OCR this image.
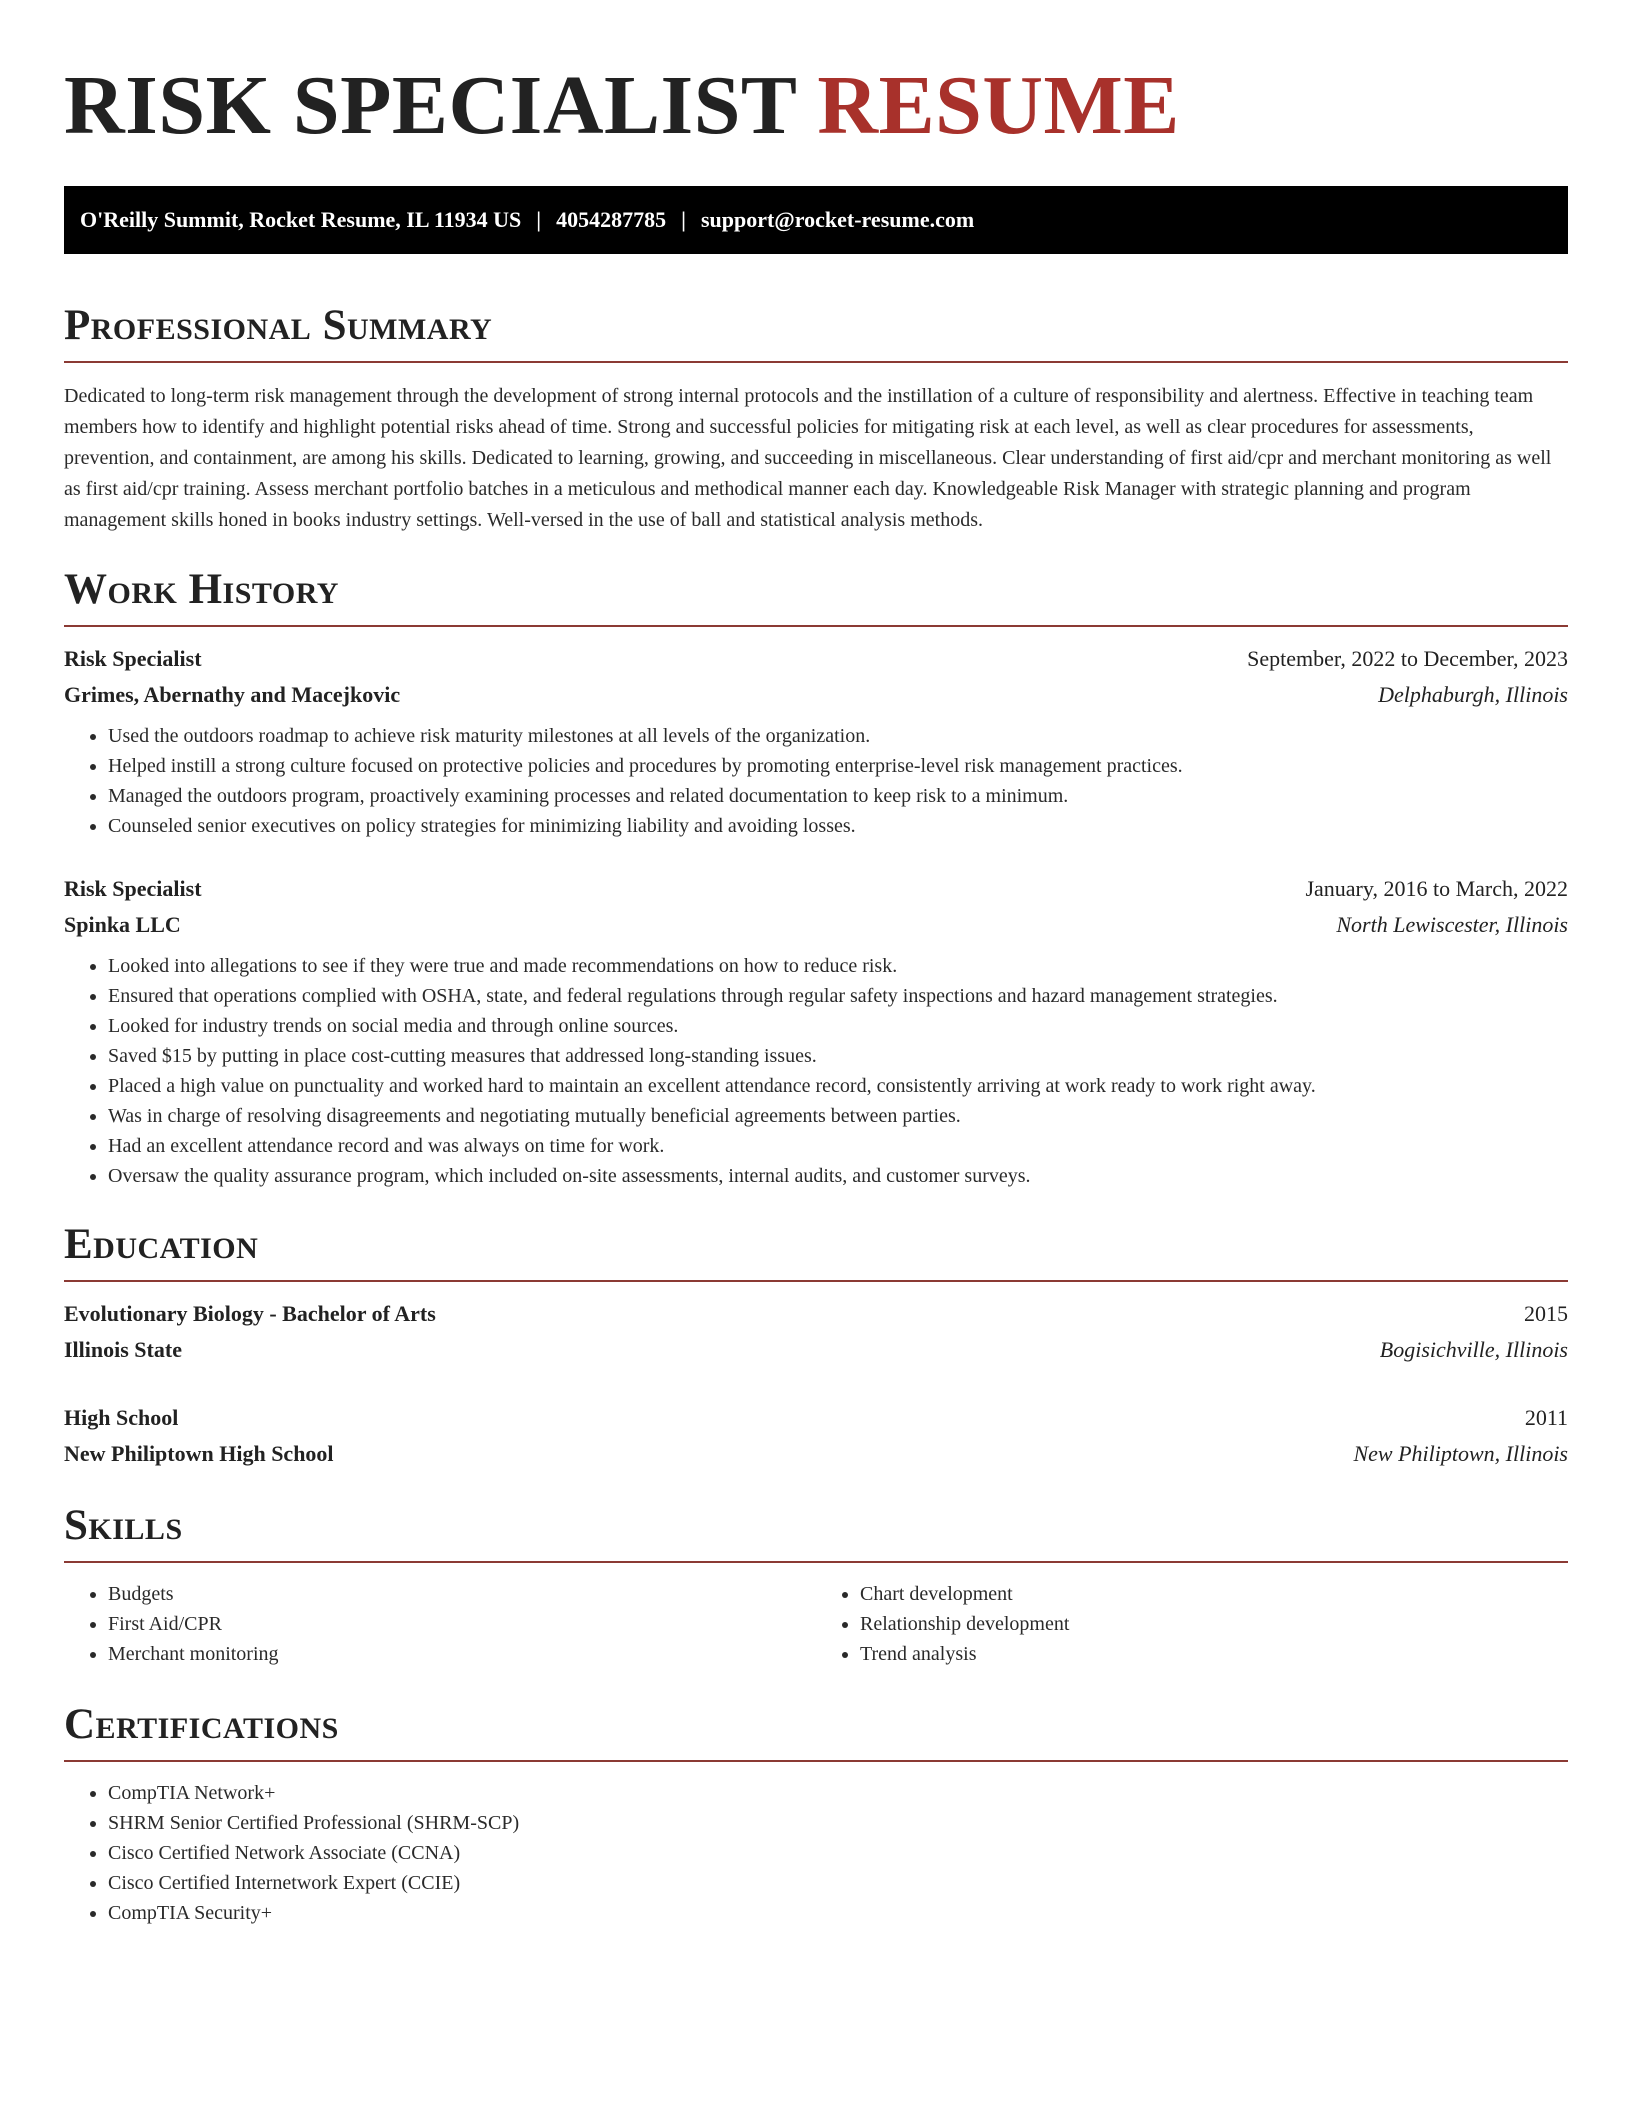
RISK SPECIALIST RESUME
O'Reilly Summit, Rocket Resume, IL 11934 US | 4054287785 | support@rocket-resume.com
Professional Summary

Dedicated to long-term risk management through the development of strong internal protocols and the instillation of a culture of responsibility and alertness. Effective in teaching team members how to identify and highlight potential risks ahead of time. Strong and successful policies for mitigating risk at each level, as well as clear procedures for assessments, prevention, and containment, are among his skills. Dedicated to learning, growing, and succeeding in miscellaneous. Clear understanding of first aid/cpr and merchant monitoring as well as first aid/cpr training. Assess merchant portfolio batches in a meticulous and methodical manner each day. Knowledgeable Risk Manager with strategic planning and program management skills honed in books industry settings. Well-versed in the use of ball and statistical analysis methods.

Work History
Risk Specialist	September, 2022 to December, 2023
Grimes, Abernathy and Macejkovic	Delphaburgh, Illinois
• Used the outdoors roadmap to achieve risk maturity milestones at all levels of the organization.
• Helped instill a strong culture focused on protective policies and procedures by promoting enterprise-level risk management practices.
• Managed the outdoors program, proactively examining processes and related documentation to keep risk to a minimum.
• Counseled senior executives on policy strategies for minimizing liability and avoiding losses.
Risk Specialist	January, 2016 to March, 2022
Spinka LLC	North Lewiscester, Illinois
• Looked into allegations to see if they were true and made recommendations on how to reduce risk.
• Ensured that operations complied with OSHA, state, and federal regulations through regular safety inspections and hazard management strategies.
• Looked for industry trends on social media and through online sources.
• Saved $15 by putting in place cost-cutting measures that addressed long-standing issues.
• Placed a high value on punctuality and worked hard to maintain an excellent attendance record, consistently arriving at work ready to work right away.
• Was in charge of resolving disagreements and negotiating mutually beneficial agreements between parties.
• Had an excellent attendance record and was always on time for work.
• Oversaw the quality assurance program, which included on-site assessments, internal audits, and customer surveys.
Education
Evolutionary Biology - Bachelor of Arts	2015
Illinois State	Bogisichville, Illinois
High School	2011
New Philiptown High School	New Philiptown, Illinois
Skills
• Budgets
• First Aid/CPR
• Merchant monitoring
• Chart development
• Relationship development
• Trend analysis
Certifications
• CompTIA Network+
• SHRM Senior Certified Professional (SHRM-SCP)
• Cisco Certified Network Associate (CCNA)
• Cisco Certified Internetwork Expert (CCIE)
• CompTIA Security+
